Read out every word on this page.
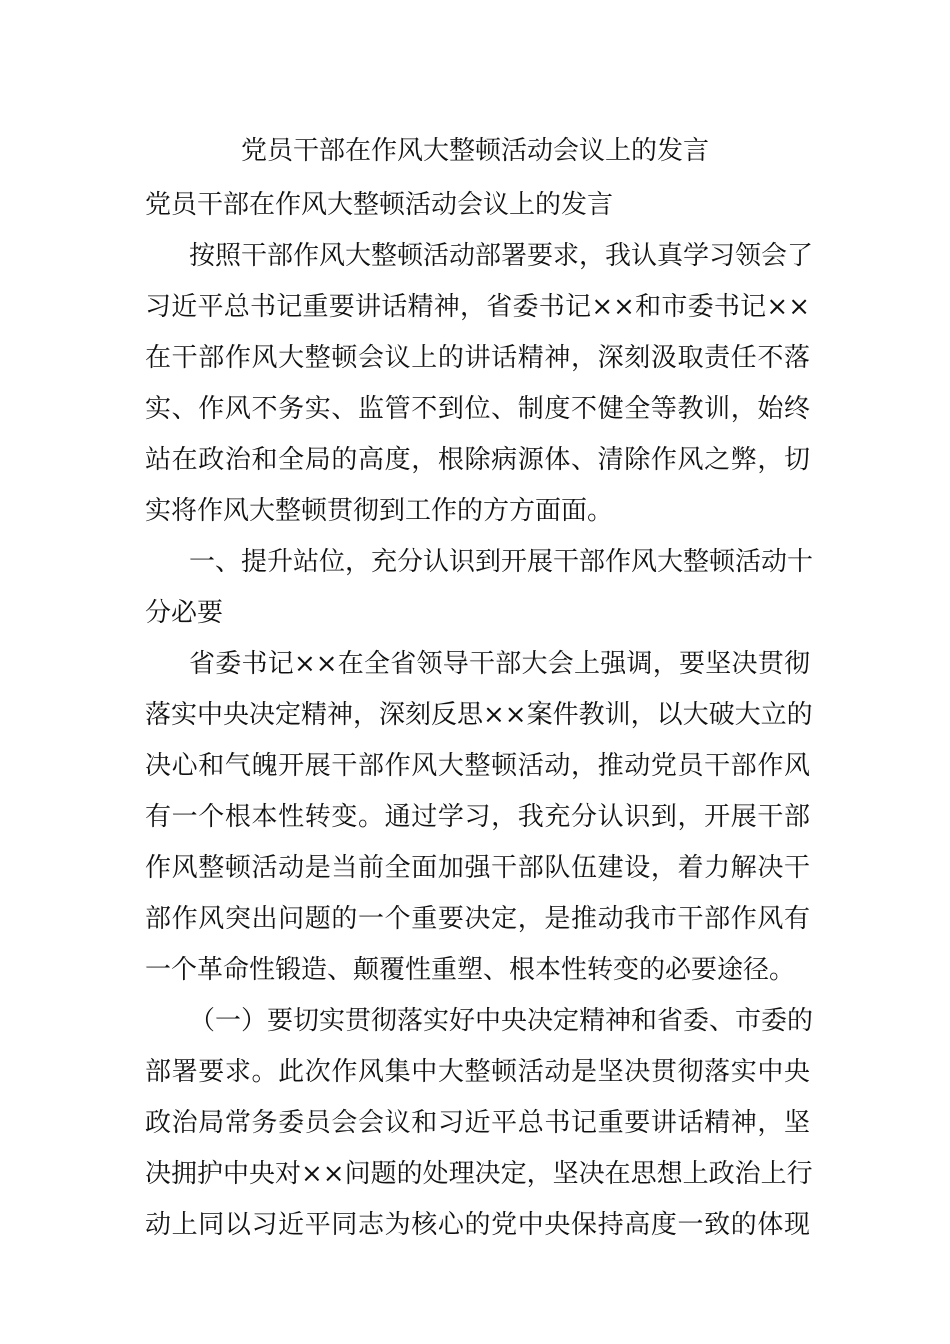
党员干部在作风大整顿活动会议上的发言
党员干部在作风大整顿活动会议上的发言
按照干部作风大整顿活动部署要求，我认真学习领会了
习近平总书记重要讲话精神，省委书记××和市委书记××
在干部作风大整顿会议上的讲话精神，深刻汲取责任不落
实、作风不务实、监管不到位、制度不健全等教训，始终
站在政治和全局的高度，根除病源体、清除作风之弊，切
实将作风大整顿贯彻到工作的方方面面。
一、提升站位，充分认识到开展干部作风大整顿活动十
分必要
省委书记××在全省领导干部大会上强调，要坚决贯彻
落实中央决定精神，深刻反思××案件教训，以大破大立的
决心和气魄开展干部作风大整顿活动，推动党员干部作风
有一个根本性转变。通过学习，我充分认识到，开展干部
作风整顿活动是当前全面加强干部队伍建设，着力解决干
部作风突出问题的一个重要决定，是推动我市干部作风有
一个革命性锻造、颠覆性重塑、根本性转变的必要途径。
（一）要切实贯彻落实好中央决定精神和省委、市委的
部署要求。此次作风集中大整顿活动是坚决贯彻落实中央
政治局常务委员会会议和习近平总书记重要讲话精神，坚
决拥护中央对××问题的处理决定，坚决在思想上政治上行
动上同以习近平同志为核心的党中央保持高度一致的体现
